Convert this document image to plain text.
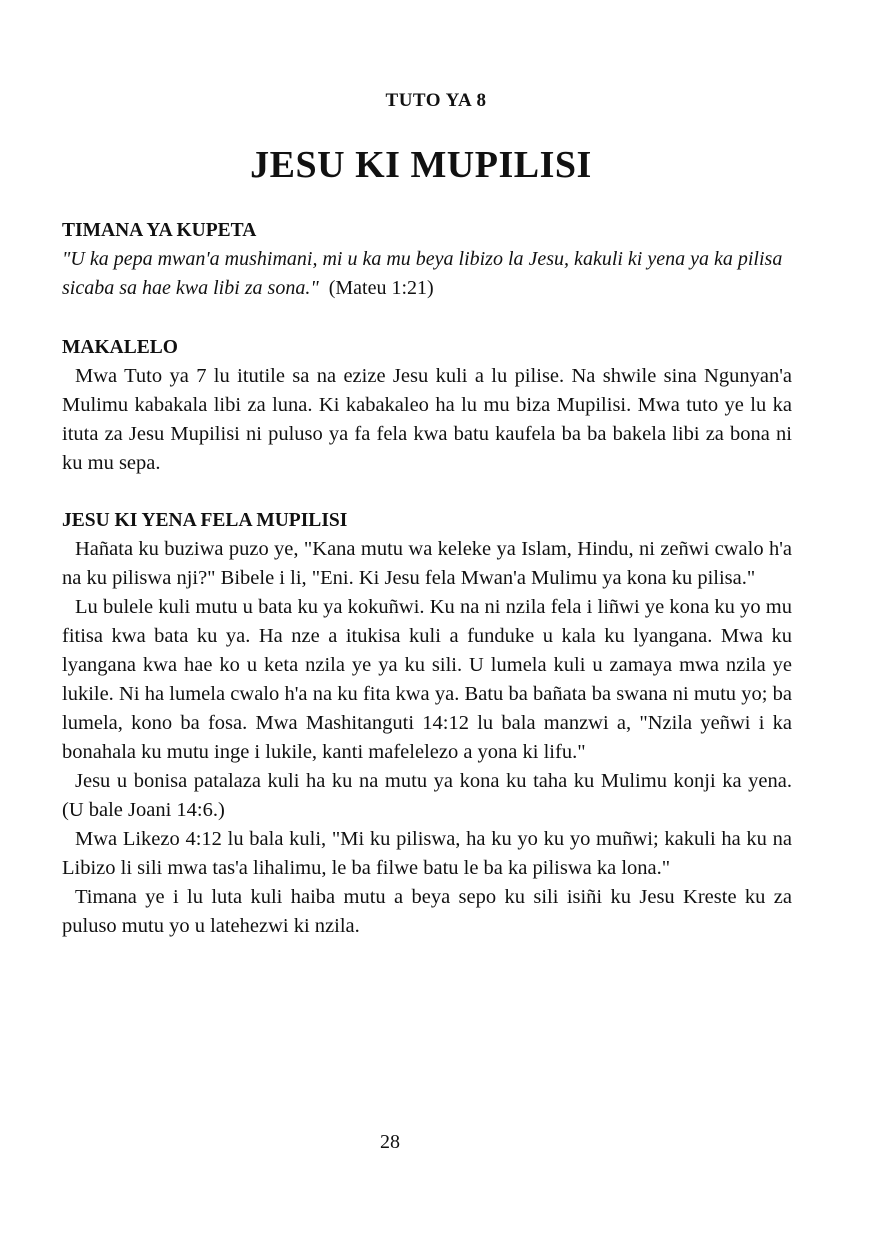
TUTO YA 8
JESU KI MUPILISI

TIMANA YA KUPETA

"U ka pepa mwan'a mushimani, mi u ka mu beya libizo la Jesu, kakuli ki yena ya ka pilisa sicaba sa hae kwa libi za sona." (Mateu 1:21)

MAKALELO

Mwa Tuto ya 7 lu itutile sa na ezize Jesu kuli a lu pilise. Na shwile sina Ngunyan'a Mulimu kabakala libi za luna. Ki kabakaleo ha lu mu biza Mupilisi. Mwa tuto ye lu ka ituta za Jesu Mupilisi ni puluso ya fa fela kwa batu kaufela ba ba bakela libi za bona ni ku mu sepa.

JESU KI YENA FELA MUPILISI

Hañata ku buziwa puzo ye, "Kana mutu wa keleke ya Islam, Hindu, ni zeñwi cwalo h'a na ku piliswa nji?" Bibele i li, "Eni. Ki Jesu fela Mwan'a Mulimu ya kona ku pilisa."

Lu bulele kuli mutu u bata ku ya kokuñwi. Ku na ni nzila fela i liñwi ye kona ku yo mu fitisa kwa bata ku ya. Ha nze a itukisa kuli a funduke u kala ku lyangana. Mwa ku lyangana kwa hae ko u keta nzila ye ya ku sili. U lumela kuli u zamaya mwa nzila ye lukile. Ni ha lumela cwalo h'a na ku fita kwa ya. Batu ba bañata ba swana ni mutu yo; ba lumela, kono ba fosa. Mwa Mashitanguti 14:12 lu bala manzwi a, "Nzila yeñwi i ka bonahala ku mutu inge i lukile, kanti mafelelezo a yona ki lifu."

Jesu u bonisa patalaza kuli ha ku na mutu ya kona ku taha ku Mulimu konji ka yena. (U bale Joani 14:6.)

Mwa Likezo 4:12 lu bala kuli, "Mi ku piliswa, ha ku yo ku yo muñwi; kakuli ha ku na Libizo li sili mwa tas'a lihalimu, le ba filwe batu le ba ka piliswa ka lona."

Timana ye i lu luta kuli haiba mutu a beya sepo ku sili isiñi ku Jesu Kreste ku za puluso mutu yo u latehezwi ki nzila.

28
